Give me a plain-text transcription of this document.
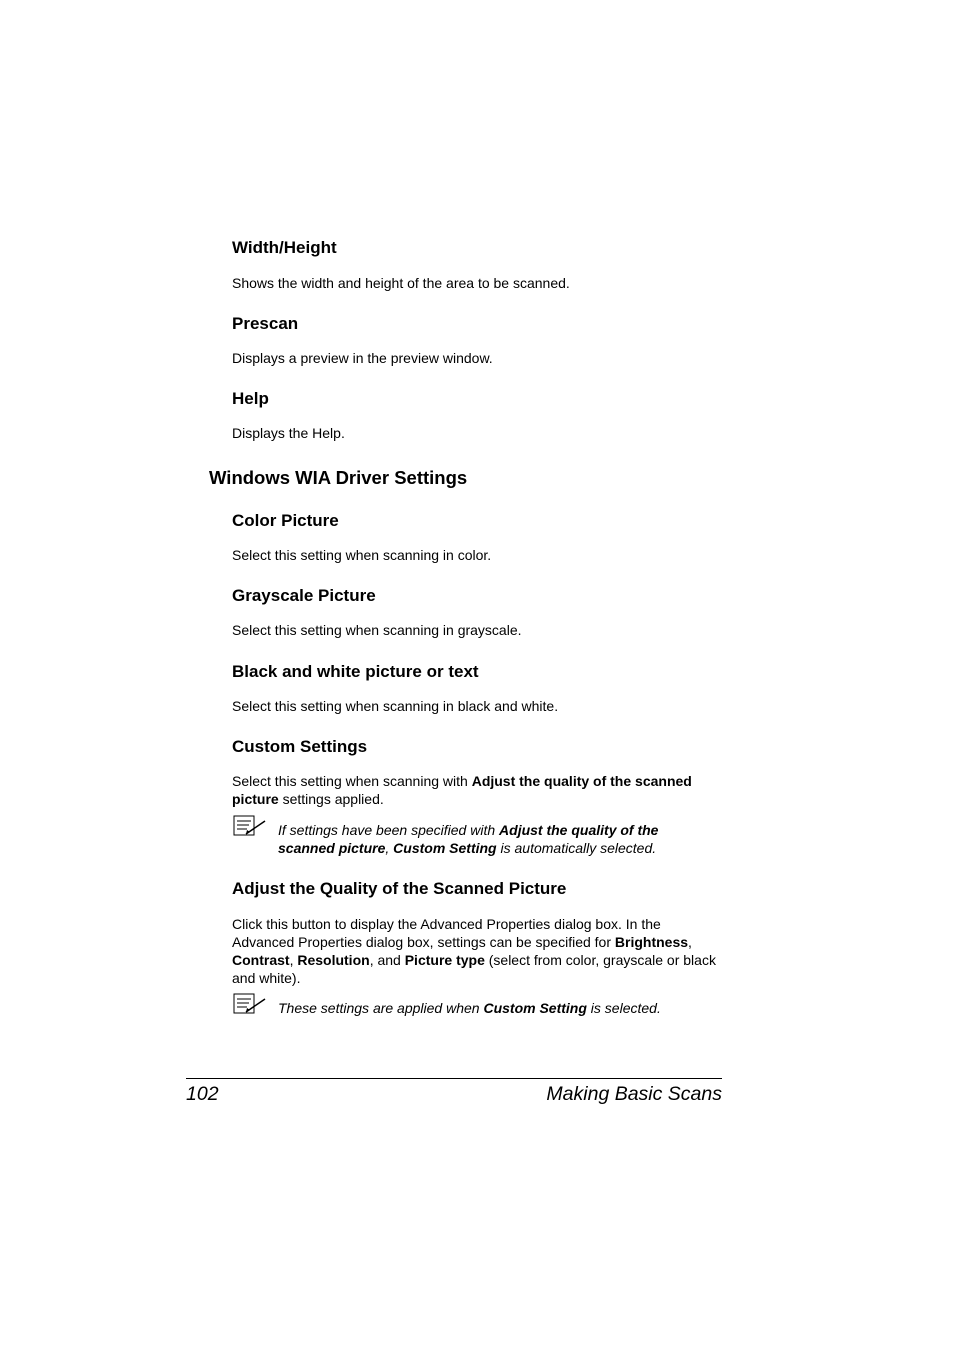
Width/Height
Shows the width and height of the area to be scanned.
Prescan
Displays a preview in the preview window.
Help
Displays the Help.
Windows WIA Driver Settings
Color Picture
Select this setting when scanning in color.
Grayscale Picture
Select this setting when scanning in grayscale.
Black and white picture or text
Select this setting when scanning in black and white.
Custom Settings
Select this setting when scanning with Adjust the quality of the scanned picture settings applied.
If settings have been specified with Adjust the quality of the scanned picture, Custom Setting is automatically selected.
Adjust the Quality of the Scanned Picture
Click this button to display the Advanced Properties dialog box. In the Advanced Properties dialog box, settings can be specified for Brightness, Contrast, Resolution, and Picture type (select from color, grayscale or black and white).
These settings are applied when Custom Setting is selected.
102	Making Basic Scans
